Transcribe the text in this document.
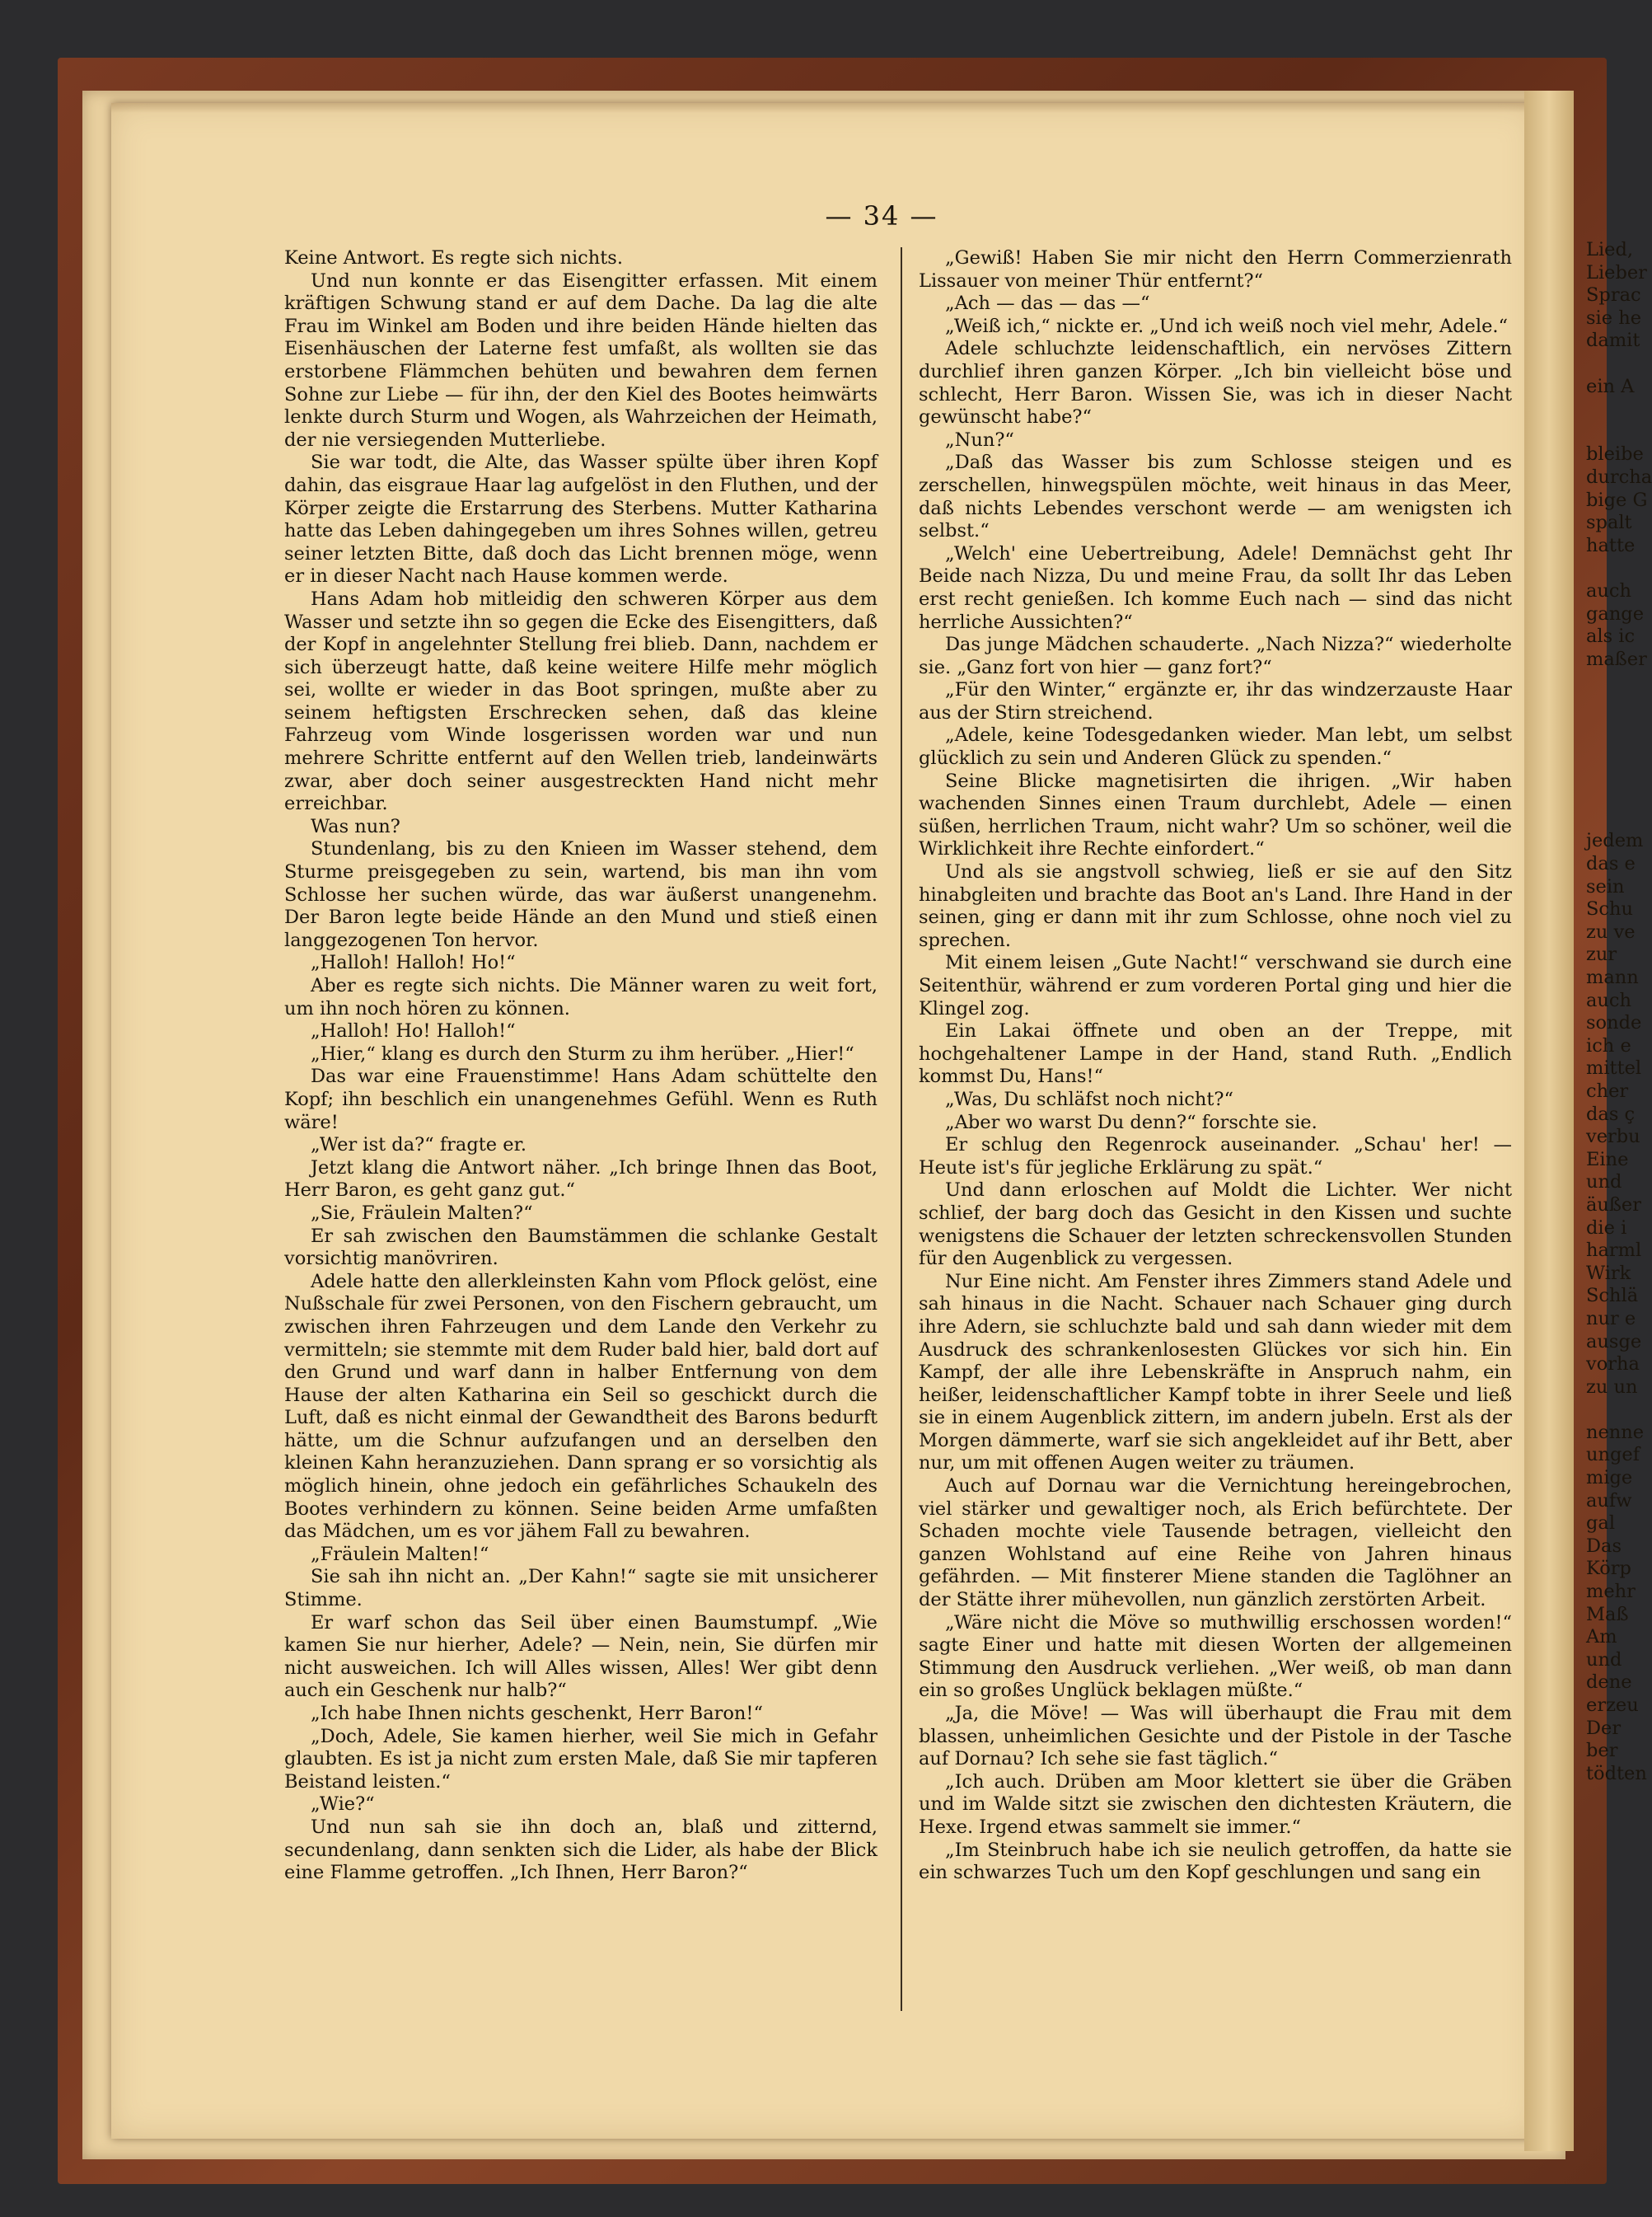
— 34 —

Keine Antwort. Es regte sich nichts.

Und nun konnte er das Eisengitter erfassen. Mit einem kräftigen Schwung stand er auf dem Dache. Da lag die alte Frau im Winkel am Boden und ihre beiden Hände hielten das Eisenhäuschen der Laterne fest umfaßt, als wollten sie das erstorbene Flämmchen behüten und bewahren dem fernen Sohne zur Liebe — für ihn, der den Kiel des Bootes heimwärts lenkte durch Sturm und Wogen, als Wahrzeichen der Heimath, der nie versiegenden Mutterliebe.

Sie war todt, die Alte, das Wasser spülte über ihren Kopf dahin, das eisgraue Haar lag aufgelöst in den Fluthen, und der Körper zeigte die Erstarrung des Sterbens. Mutter Katharina hatte das Leben dahingegeben um ihres Sohnes willen, getreu seiner letzten Bitte, daß doch das Licht brennen möge, wenn er in dieser Nacht nach Hause kommen werde.

Hans Adam hob mitleidig den schweren Körper aus dem Wasser und setzte ihn so gegen die Ecke des Eisengitters, daß der Kopf in angelehnter Stellung frei blieb. Dann, nachdem er sich überzeugt hatte, daß keine weitere Hilfe mehr möglich sei, wollte er wieder in das Boot springen, mußte aber zu seinem heftigsten Erschrecken sehen, daß das kleine Fahrzeug vom Winde losgerissen worden war und nun mehrere Schritte entfernt auf den Wellen trieb, landeinwärts zwar, aber doch seiner ausgestreckten Hand nicht mehr erreichbar.

Was nun?

Stundenlang, bis zu den Knieen im Wasser stehend, dem Sturme preisgegeben zu sein, wartend, bis man ihn vom Schlosse her suchen würde, das war äußerst unangenehm. Der Baron legte beide Hände an den Mund und stieß einen langgezogenen Ton hervor.

„Halloh! Halloh! Ho!“

Aber es regte sich nichts. Die Männer waren zu weit fort, um ihn noch hören zu können.

„Halloh! Ho! Halloh!“

„Hier,“ klang es durch den Sturm zu ihm herüber. „Hier!“

Das war eine Frauenstimme! Hans Adam schüttelte den Kopf; ihn beschlich ein unangenehmes Gefühl. Wenn es Ruth wäre!

„Wer ist da?“ fragte er.

Jetzt klang die Antwort näher. „Ich bringe Ihnen das Boot, Herr Baron, es geht ganz gut.“

„Sie, Fräulein Malten?“

Er sah zwischen den Baumstämmen die schlanke Gestalt vorsichtig manövriren.

Adele hatte den allerkleinsten Kahn vom Pflock gelöst, eine Nußschale für zwei Personen, von den Fischern gebraucht, um zwischen ihren Fahrzeugen und dem Lande den Verkehr zu vermitteln; sie stemmte mit dem Ruder bald hier, bald dort auf den Grund und warf dann in halber Entfernung von dem Hause der alten Katharina ein Seil so geschickt durch die Luft, daß es nicht einmal der Gewandtheit des Barons bedurft hätte, um die Schnur aufzufangen und an derselben den kleinen Kahn heranzuziehen. Dann sprang er so vorsichtig als möglich hinein, ohne jedoch ein gefährliches Schaukeln des Bootes verhindern zu können. Seine beiden Arme umfaßten das Mädchen, um es vor jähem Fall zu bewahren.

„Fräulein Malten!“

Sie sah ihn nicht an. „Der Kahn!“ sagte sie mit unsicherer Stimme.

Er warf schon das Seil über einen Baumstumpf. „Wie kamen Sie nur hierher, Adele? — Nein, nein, Sie dürfen mir nicht ausweichen. Ich will Alles wissen, Alles! Wer gibt denn auch ein Geschenk nur halb?“

„Ich habe Ihnen nichts geschenkt, Herr Baron!“

„Doch, Adele, Sie kamen hierher, weil Sie mich in Gefahr glaubten. Es ist ja nicht zum ersten Male, daß Sie mir tapferen Beistand leisten.“

„Wie?“

Und nun sah sie ihn doch an, blaß und zitternd, secundenlang, dann senkten sich die Lider, als habe der Blick eine Flamme getroffen. „Ich Ihnen, Herr Baron?“

„Gewiß! Haben Sie mir nicht den Herrn Commerzienrath Lissauer von meiner Thür entfernt?“

„Ach — das — das —“

„Weiß ich,“ nickte er. „Und ich weiß noch viel mehr, Adele.“

Adele schluchzte leidenschaftlich, ein nervöses Zittern durchlief ihren ganzen Körper. „Ich bin vielleicht böse und schlecht, Herr Baron. Wissen Sie, was ich in dieser Nacht gewünscht habe?“

„Nun?“

„Daß das Wasser bis zum Schlosse steigen und es zerschellen, hinwegspülen möchte, weit hinaus in das Meer, daß nichts Lebendes verschont werde — am wenigsten ich selbst.“

„Welch' eine Uebertreibung, Adele! Demnächst geht Ihr Beide nach Nizza, Du und meine Frau, da sollt Ihr das Leben erst recht genießen. Ich komme Euch nach — sind das nicht herrliche Aussichten?“

Das junge Mädchen schauderte. „Nach Nizza?“ wiederholte sie. „Ganz fort von hier — ganz fort?“

„Für den Winter,“ ergänzte er, ihr das windzerzauste Haar aus der Stirn streichend.

„Adele, keine Todesgedanken wieder. Man lebt, um selbst glücklich zu sein und Anderen Glück zu spenden.“

Seine Blicke magnetisirten die ihrigen. „Wir haben wachenden Sinnes einen Traum durchlebt, Adele — einen süßen, herrlichen Traum, nicht wahr? Um so schöner, weil die Wirklichkeit ihre Rechte einfordert.“

Und als sie angstvoll schwieg, ließ er sie auf den Sitz hinabgleiten und brachte das Boot an's Land. Ihre Hand in der seinen, ging er dann mit ihr zum Schlosse, ohne noch viel zu sprechen.

Mit einem leisen „Gute Nacht!“ verschwand sie durch eine Seitenthür, während er zum vorderen Portal ging und hier die Klingel zog.

Ein Lakai öffnete und oben an der Treppe, mit hochgehaltener Lampe in der Hand, stand Ruth. „Endlich kommst Du, Hans!“

„Was, Du schläfst noch nicht?“

„Aber wo warst Du denn?“ forschte sie.

Er schlug den Regenrock auseinander. „Schau' her! — Heute ist's für jegliche Erklärung zu spät.“

Und dann erloschen auf Moldt die Lichter. Wer nicht schlief, der barg doch das Gesicht in den Kissen und suchte wenigstens die Schauer der letzten schreckensvollen Stunden für den Augenblick zu vergessen.

Nur Eine nicht. Am Fenster ihres Zimmers stand Adele und sah hinaus in die Nacht. Schauer nach Schauer ging durch ihre Adern, sie schluchzte bald und sah dann wieder mit dem Ausdruck des schrankenlosesten Glückes vor sich hin. Ein Kampf, der alle ihre Lebenskräfte in Anspruch nahm, ein heißer, leidenschaftlicher Kampf tobte in ihrer Seele und ließ sie in einem Augenblick zittern, im andern jubeln. Erst als der Morgen dämmerte, warf sie sich angekleidet auf ihr Bett, aber nur, um mit offenen Augen weiter zu träumen.

Auch auf Dornau war die Vernichtung hereingebrochen, viel stärker und gewaltiger noch, als Erich befürchtete. Der Schaden mochte viele Tausende betragen, vielleicht den ganzen Wohlstand auf eine Reihe von Jahren hinaus gefährden. — Mit finsterer Miene standen die Taglöhner an der Stätte ihrer mühevollen, nun gänzlich zerstörten Arbeit.

„Wäre nicht die Möve so muthwillig erschossen worden!“ sagte Einer und hatte mit diesen Worten der allgemeinen Stimmung den Ausdruck verliehen. „Wer weiß, ob man dann ein so großes Unglück beklagen müßte.“

„Ja, die Möve! — Was will überhaupt die Frau mit dem blassen, unheimlichen Gesichte und der Pistole in der Tasche auf Dornau? Ich sehe sie fast täglich.“

„Ich auch. Drüben am Moor klettert sie über die Gräben und im Walde sitzt sie zwischen den dichtesten Kräutern, die Hexe. Irgend etwas sammelt sie immer.“

„Im Steinbruch habe ich sie neulich getroffen, da hatte sie ein schwarzes Tuch um den Kopf geschlungen und sang ein

Lied,
Lieber
Sprac
sie he
damit
ein A
bleibe
durcha
bige G
spalt
hatte
auch
gange
als ic
maßer
jedem
das e
sein
Schu
zu ve
zur
mann
auch
sonde
ich e
mittel
cher
das ç
verbu
Eine
und
äußer
die i
harml
Wirk
Schlä
nur e
ausge
vorha
zu un
nenne
ungef
mige
aufw
gal
Das
Körp
mehr
Maß
Am
und
dene
erzeu
Der
ber
tödten
